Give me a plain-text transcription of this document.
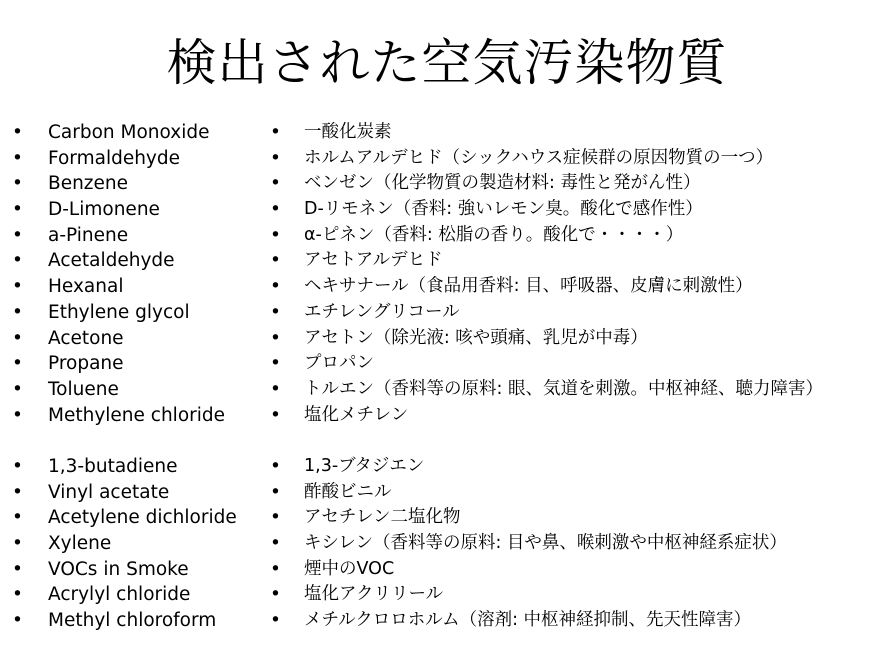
検出された空気汚染物質
• Carbon Monoxide
• Formaldehyde
• Benzene
• D-Limonene
• a-Pinene
• Acetaldehyde
• Hexanal
• Ethylene glycol
• Acetone
• Propane
• Toluene
• Methylene chloride
• 1,3-butadiene
• Vinyl acetate
• Acetylene dichloride
• Xylene
• VOCs in Smoke
• Acrylyl chloride
• Methyl chloroform
• 一酸化炭素
• ホルムアルデヒド（シックハウス症候群の原因物質の一つ）
• ベンゼン（化学物質の製造材料: 毒性と発がん性）
• D-リモネン（香料: 強いレモン臭。酸化で感作性）
• α-ピネン（香料: 松脂の香り。酸化で・・・・）
• アセトアルデヒド
• ヘキサナール（食品用香料: 目、呼吸器、皮膚に刺激性）
• エチレングリコール
• アセトン（除光液: 咳や頭痛、乳児が中毒）
• プロパン
• トルエン（香料等の原料: 眼、気道を刺激。中枢神経、聴力障害）
• 塩化メチレン
• 1,3-ブタジエン
• 酢酸ビニル
• アセチレン二塩化物
• キシレン（香料等の原料: 目や鼻、喉刺激や中枢神経系症状）
• 煙中のVOC
• 塩化アクリリール
• メチルクロロホルム（溶剤: 中枢神経抑制、先天性障害）
